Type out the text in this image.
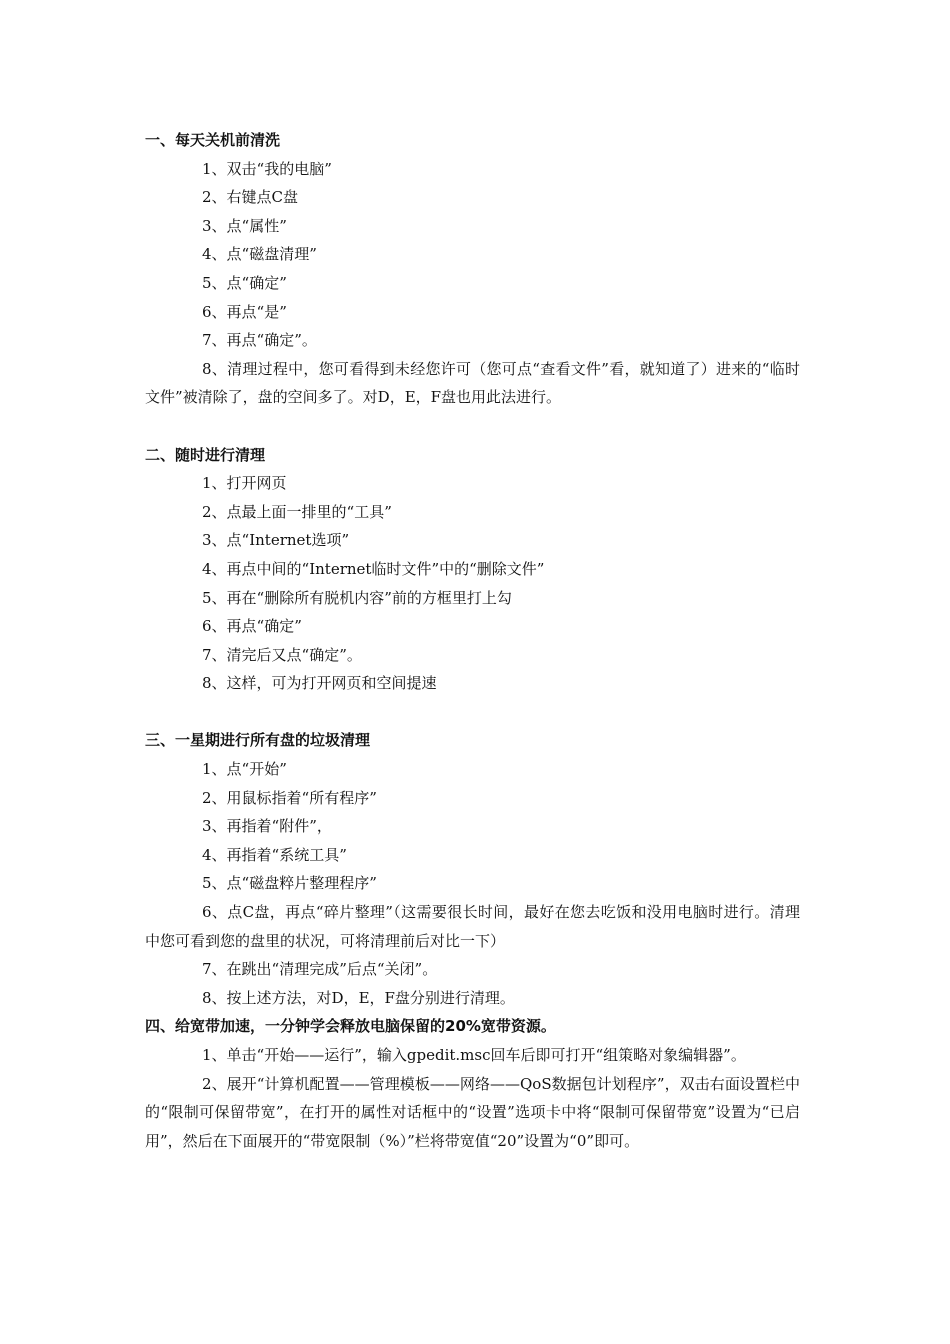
一、每天关机前清洗

1、双击“我的电脑”

2、右键点C盘

3、点“属性”

4、点“磁盘清理”

5、点“确定”

6、再点“是”

7、再点“确定”。

8、清理过程中，您可看得到未经您许可（您可点“查看文件”看，就知道了）进来的“临时文件”被清除了，盘的空间多了。对D，E，F盘也用此法进行。

二、随时进行清理

1、打开网页

2、点最上面一排里的“工具”

3、点“Internet选项”

4、再点中间的“Internet临时文件”中的“删除文件”

5、再在“删除所有脱机内容”前的方框里打上勾

6、再点“确定”

7、清完后又点“确定”。

8、这样，可为打开网页和空间提速

三、一星期进行所有盘的垃圾清理

1、点“开始”

2、用鼠标指着“所有程序”

3、再指着“附件”，

4、再指着“系统工具”

5、点“磁盘粹片整理程序”

6、点C盘，再点“碎片整理”（这需要很长时间，最好在您去吃饭和没用电脑时进行。清理中您可看到您的盘里的状况，可将清理前后对比一下）

7、在跳出“清理完成”后点“关闭”。

8、按上述方法，对D，E，F盘分别进行清理。

四、给宽带加速，一分钟学会释放电脑保留的20%宽带资源。

1、单击“开始——运行”，输入gpedit.msc回车后即可打开“组策略对象编辑器”。

2、展开“计算机配置——管理模板——网络——QoS数据包计划程序”，双击右面设置栏中的“限制可保留带宽”，在打开的属性对话框中的“设置”选项卡中将“限制可保留带宽”设置为“已启用”，然后在下面展开的“带宽限制（%）”栏将带宽值“20”设置为“0”即可。
